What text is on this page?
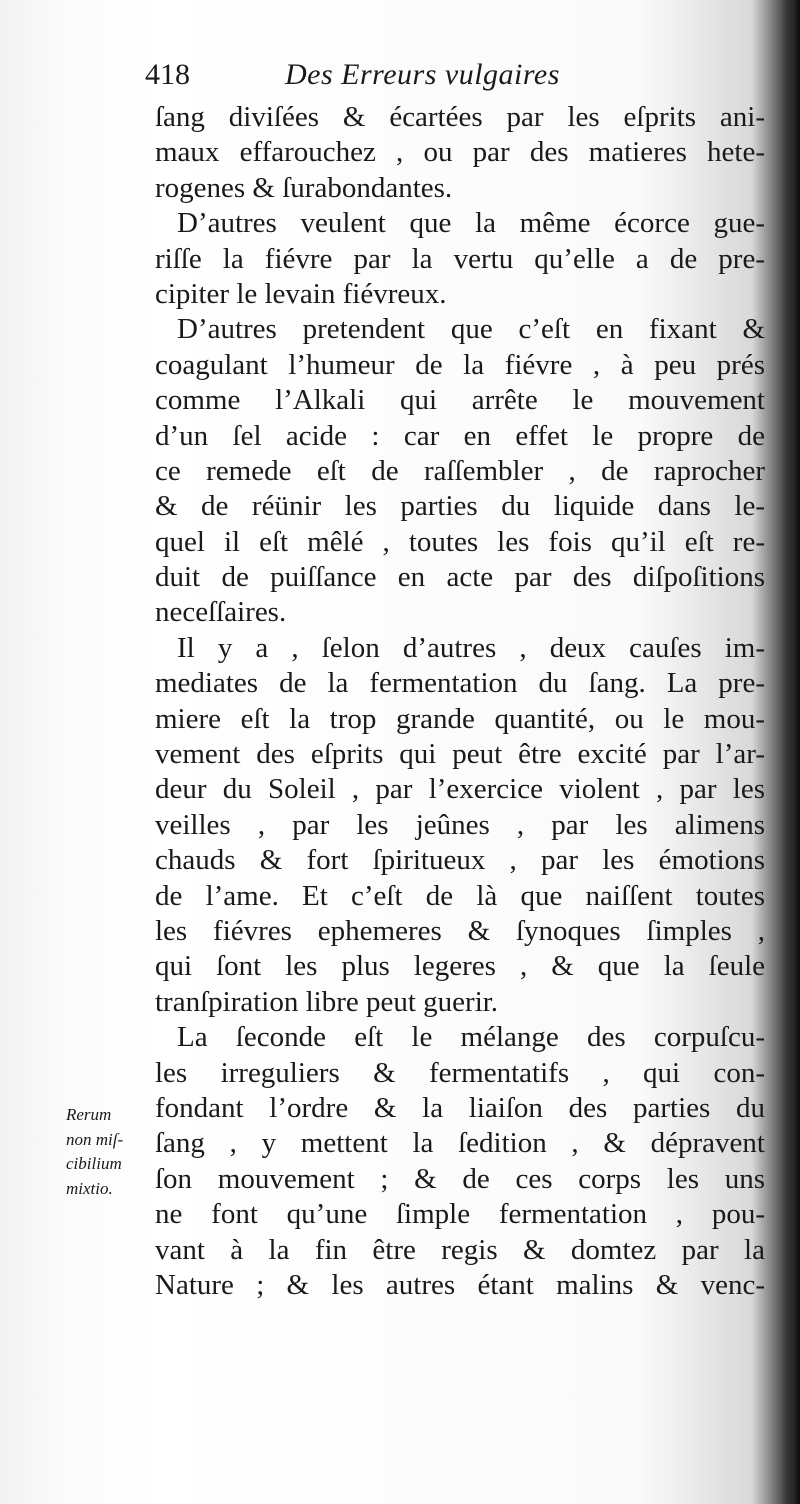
418	Des Erreurs vulgaires
ſang diviſées & écartées par les eſprits ani-
maux effarouchez , ou par des matieres hete-
rogenes & ſurabondantes.
D’autres veulent que la même écorce gue-
riſſe la fiévre par la vertu qu’elle a de pre-
cipiter le levain fiévreux.
D’autres pretendent que c’eſt en fixant &
coagulant l’humeur de la fiévre , à peu prés
comme l’Alkali qui arrête le mouvement
d’un ſel acide : car en effet le propre de
ce remede eſt de raſſembler , de raprocher
& de réünir les parties du liquide dans le-
quel il eſt mêlé , toutes les fois qu’il eſt re-
duit de puiſſance en acte par des diſpoſitions
neceſſaires.
Il y a , ſelon d’autres , deux cauſes im-
mediates de la fermentation du ſang. La pre-
miere eſt la trop grande quantité, ou le mou-
vement des eſprits qui peut être excité par l’ar-
deur du Soleil , par l’exercice violent , par les
veilles , par les jeûnes , par les alimens
chauds & fort ſpiritueux , par les émotions
de l’ame. Et c’eſt de là que naiſſent toutes
les fiévres ephemeres & ſynoques ſimples ,
qui ſont les plus legeres , & que la ſeule
tranſpiration libre peut guerir.
La ſeconde eſt le mélange des corpuſcu-
les irreguliers & fermentatifs , qui con-
fondant l’ordre & la liaiſon des parties du
ſang , y mettent la ſedition , & dépravent
ſon mouvement ; & de ces corps les uns
ne font qu’une ſimple fermentation , pou-
vant à la fin être regis & domtez par la
Nature ; & les autres étant malins & venc-
Rerum
non miſ-
cibilium
mixtio.
